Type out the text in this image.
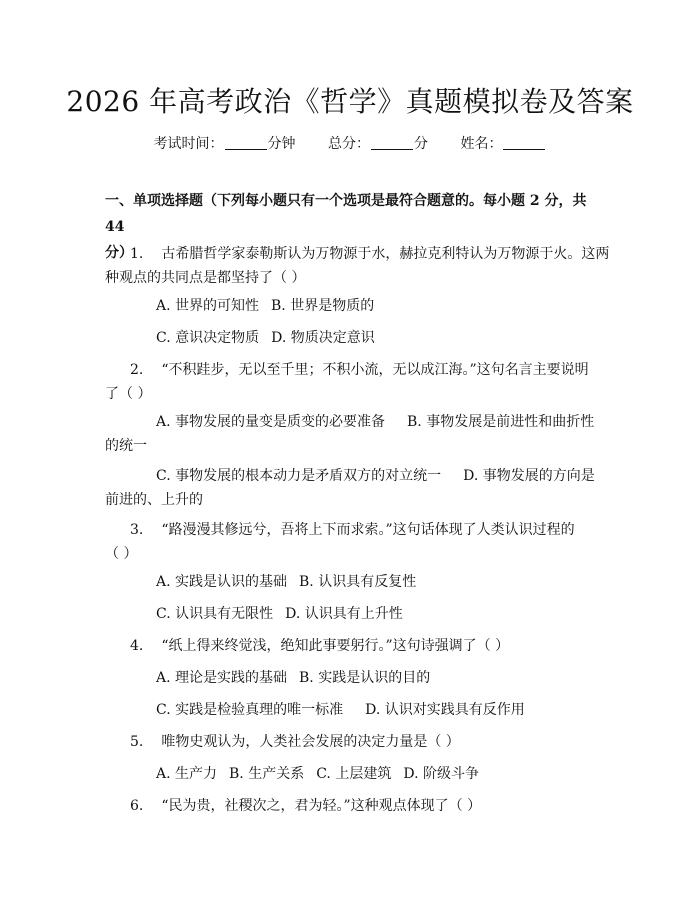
2026 年高考政治《哲学》真题模拟卷及答案
考试时间：	分钟 总分：	分 姓名：
一、单项选择题（下列每小题只有一个选项是最符合题意的。每小题 2 分，共 44
分）
1. 古希腊哲学家泰勒斯认为万物源于水，赫拉克利特认为万物源于火。这两
种观点的共同点是都坚持了（ ）
A. 世界的可知性 B. 世界是物质的
C. 意识决定物质 D. 物质决定意识
2. “不积跬步，无以至千里；不积小流，无以成江海。”这句名言主要说明
了（ ）
A. 事物发展的量变是质变的必要准备 B. 事物发展是前进性和曲折性
的统一
C. 事物发展的根本动力是矛盾双方的对立统一 D. 事物发展的方向是
前进的、上升的
3. “路漫漫其修远兮，吾将上下而求索。”这句话体现了人类认识过程的
（ ）
A. 实践是认识的基础 B. 认识具有反复性
C. 认识具有无限性 D. 认识具有上升性
4. “纸上得来终觉浅，绝知此事要躬行。”这句诗强调了（ ）
A. 理论是实践的基础 B. 实践是认识的目的
C. 实践是检验真理的唯一标准 D. 认识对实践具有反作用
5. 唯物史观认为，人类社会发展的决定力量是（ ）
A. 生产力 B. 生产关系 C. 上层建筑 D. 阶级斗争
6. “民为贵，社稷次之，君为轻。”这种观点体现了（ ）
